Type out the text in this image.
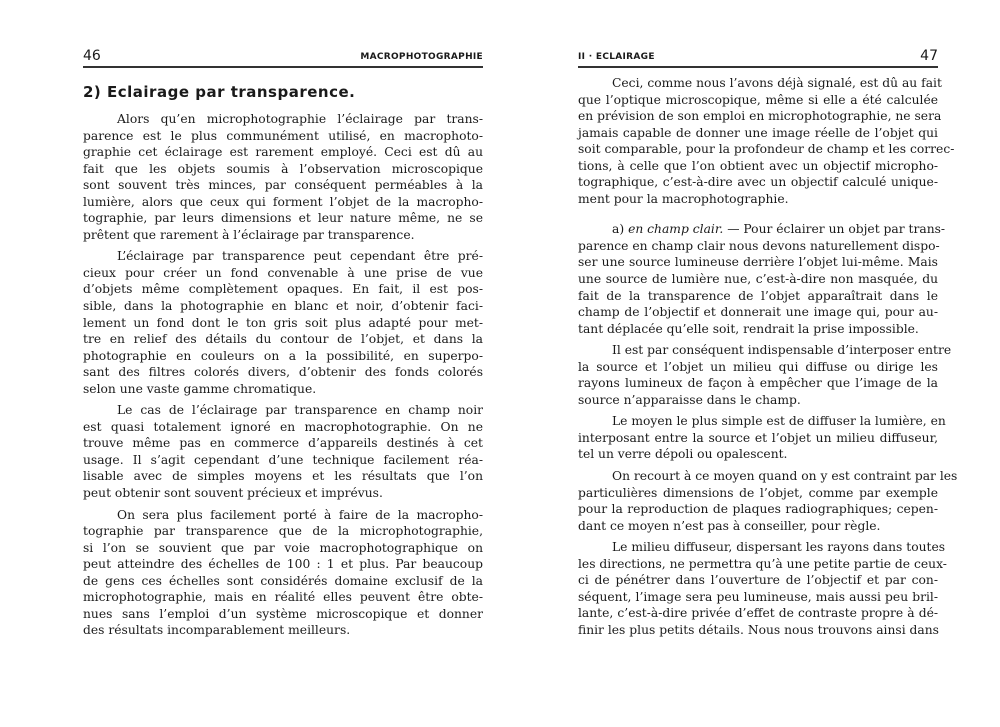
46	MACROPHOTOGRAPHIE
2) Eclairage par transparence.
Alors qu’en microphotographie l’éclairage par trans-
parence est le plus communément utilisé, en macrophoto-
graphie cet éclairage est rarement employé. Ceci est dû au
fait que les objets soumis à l’observation microscopique
sont souvent très minces, par conséquent perméables à la
lumière, alors que ceux qui forment l’objet de la macropho-
tographie, par leurs dimensions et leur nature même, ne se
prêtent que rarement à l’éclairage par transparence.
L’éclairage par transparence peut cependant être pré-
cieux pour créer un fond convenable à une prise de vue
d’objets même complètement opaques. En fait, il est pos-
sible, dans la photographie en blanc et noir, d’obtenir faci-
lement un fond dont le ton gris soit plus adapté pour met-
tre en relief des détails du contour de l’objet, et dans la
photographie en couleurs on a la possibilité, en superpo-
sant des filtres colorés divers, d’obtenir des fonds colorés
selon une vaste gamme chromatique.
Le cas de l’éclairage par transparence en champ noir
est quasi totalement ignoré en macrophotographie. On ne
trouve même pas en commerce d’appareils destinés à cet
usage. Il s’agit cependant d’une technique facilement réa-
lisable avec de simples moyens et les résultats que l’on
peut obtenir sont souvent précieux et imprévus.
On sera plus facilement porté à faire de la macropho-
tographie par transparence que de la microphotographie,
si l’on se souvient que par voie macrophotographique on
peut atteindre des échelles de 100 : 1 et plus. Par beaucoup
de gens ces échelles sont considérés domaine exclusif de la
microphotographie, mais en réalité elles peuvent être obte-
nues sans l’emploi d’un système microscopique et donner
des résultats incomparablement meilleurs.
II · ECLAIRAGE	47
Ceci, comme nous l’avons déjà signalé, est dû au fait
que l’optique microscopique, même si elle a été calculée
en prévision de son emploi en microphotographie, ne sera
jamais capable de donner une image réelle de l’objet qui
soit comparable, pour la profondeur de champ et les correc-
tions, à celle que l’on obtient avec un objectif micropho-
tographique, c’est-à-dire avec un objectif calculé unique-
ment pour la macrophotographie.
a) en champ clair. — Pour éclairer un objet par trans-
parence en champ clair nous devons naturellement dispo-
ser une source lumineuse derrière l’objet lui-même. Mais
une source de lumière nue, c’est-à-dire non masquée, du
fait de la transparence de l’objet apparaîtrait dans le
champ de l’objectif et donnerait une image qui, pour au-
tant déplacée qu’elle soit, rendrait la prise impossible.
Il est par conséquent indispensable d’interposer entre
la source et l’objet un milieu qui diffuse ou dirige les
rayons lumineux de façon à empêcher que l’image de la
source n’apparaisse dans le champ.
Le moyen le plus simple est de diffuser la lumière, en
interposant entre la source et l’objet un milieu diffuseur,
tel un verre dépoli ou opalescent.
On recourt à ce moyen quand on y est contraint par les
particulières dimensions de l’objet, comme par exemple
pour la reproduction de plaques radiographiques; cepen-
dant ce moyen n’est pas à conseiller, pour règle.
Le milieu diffuseur, dispersant les rayons dans toutes
les directions, ne permettra qu’à une petite partie de ceux-
ci de pénétrer dans l’ouverture de l’objectif et par con-
séquent, l’image sera peu lumineuse, mais aussi peu bril-
lante, c’est-à-dire privée d’effet de contraste propre à dé-
finir les plus petits détails. Nous nous trouvons ainsi dans
